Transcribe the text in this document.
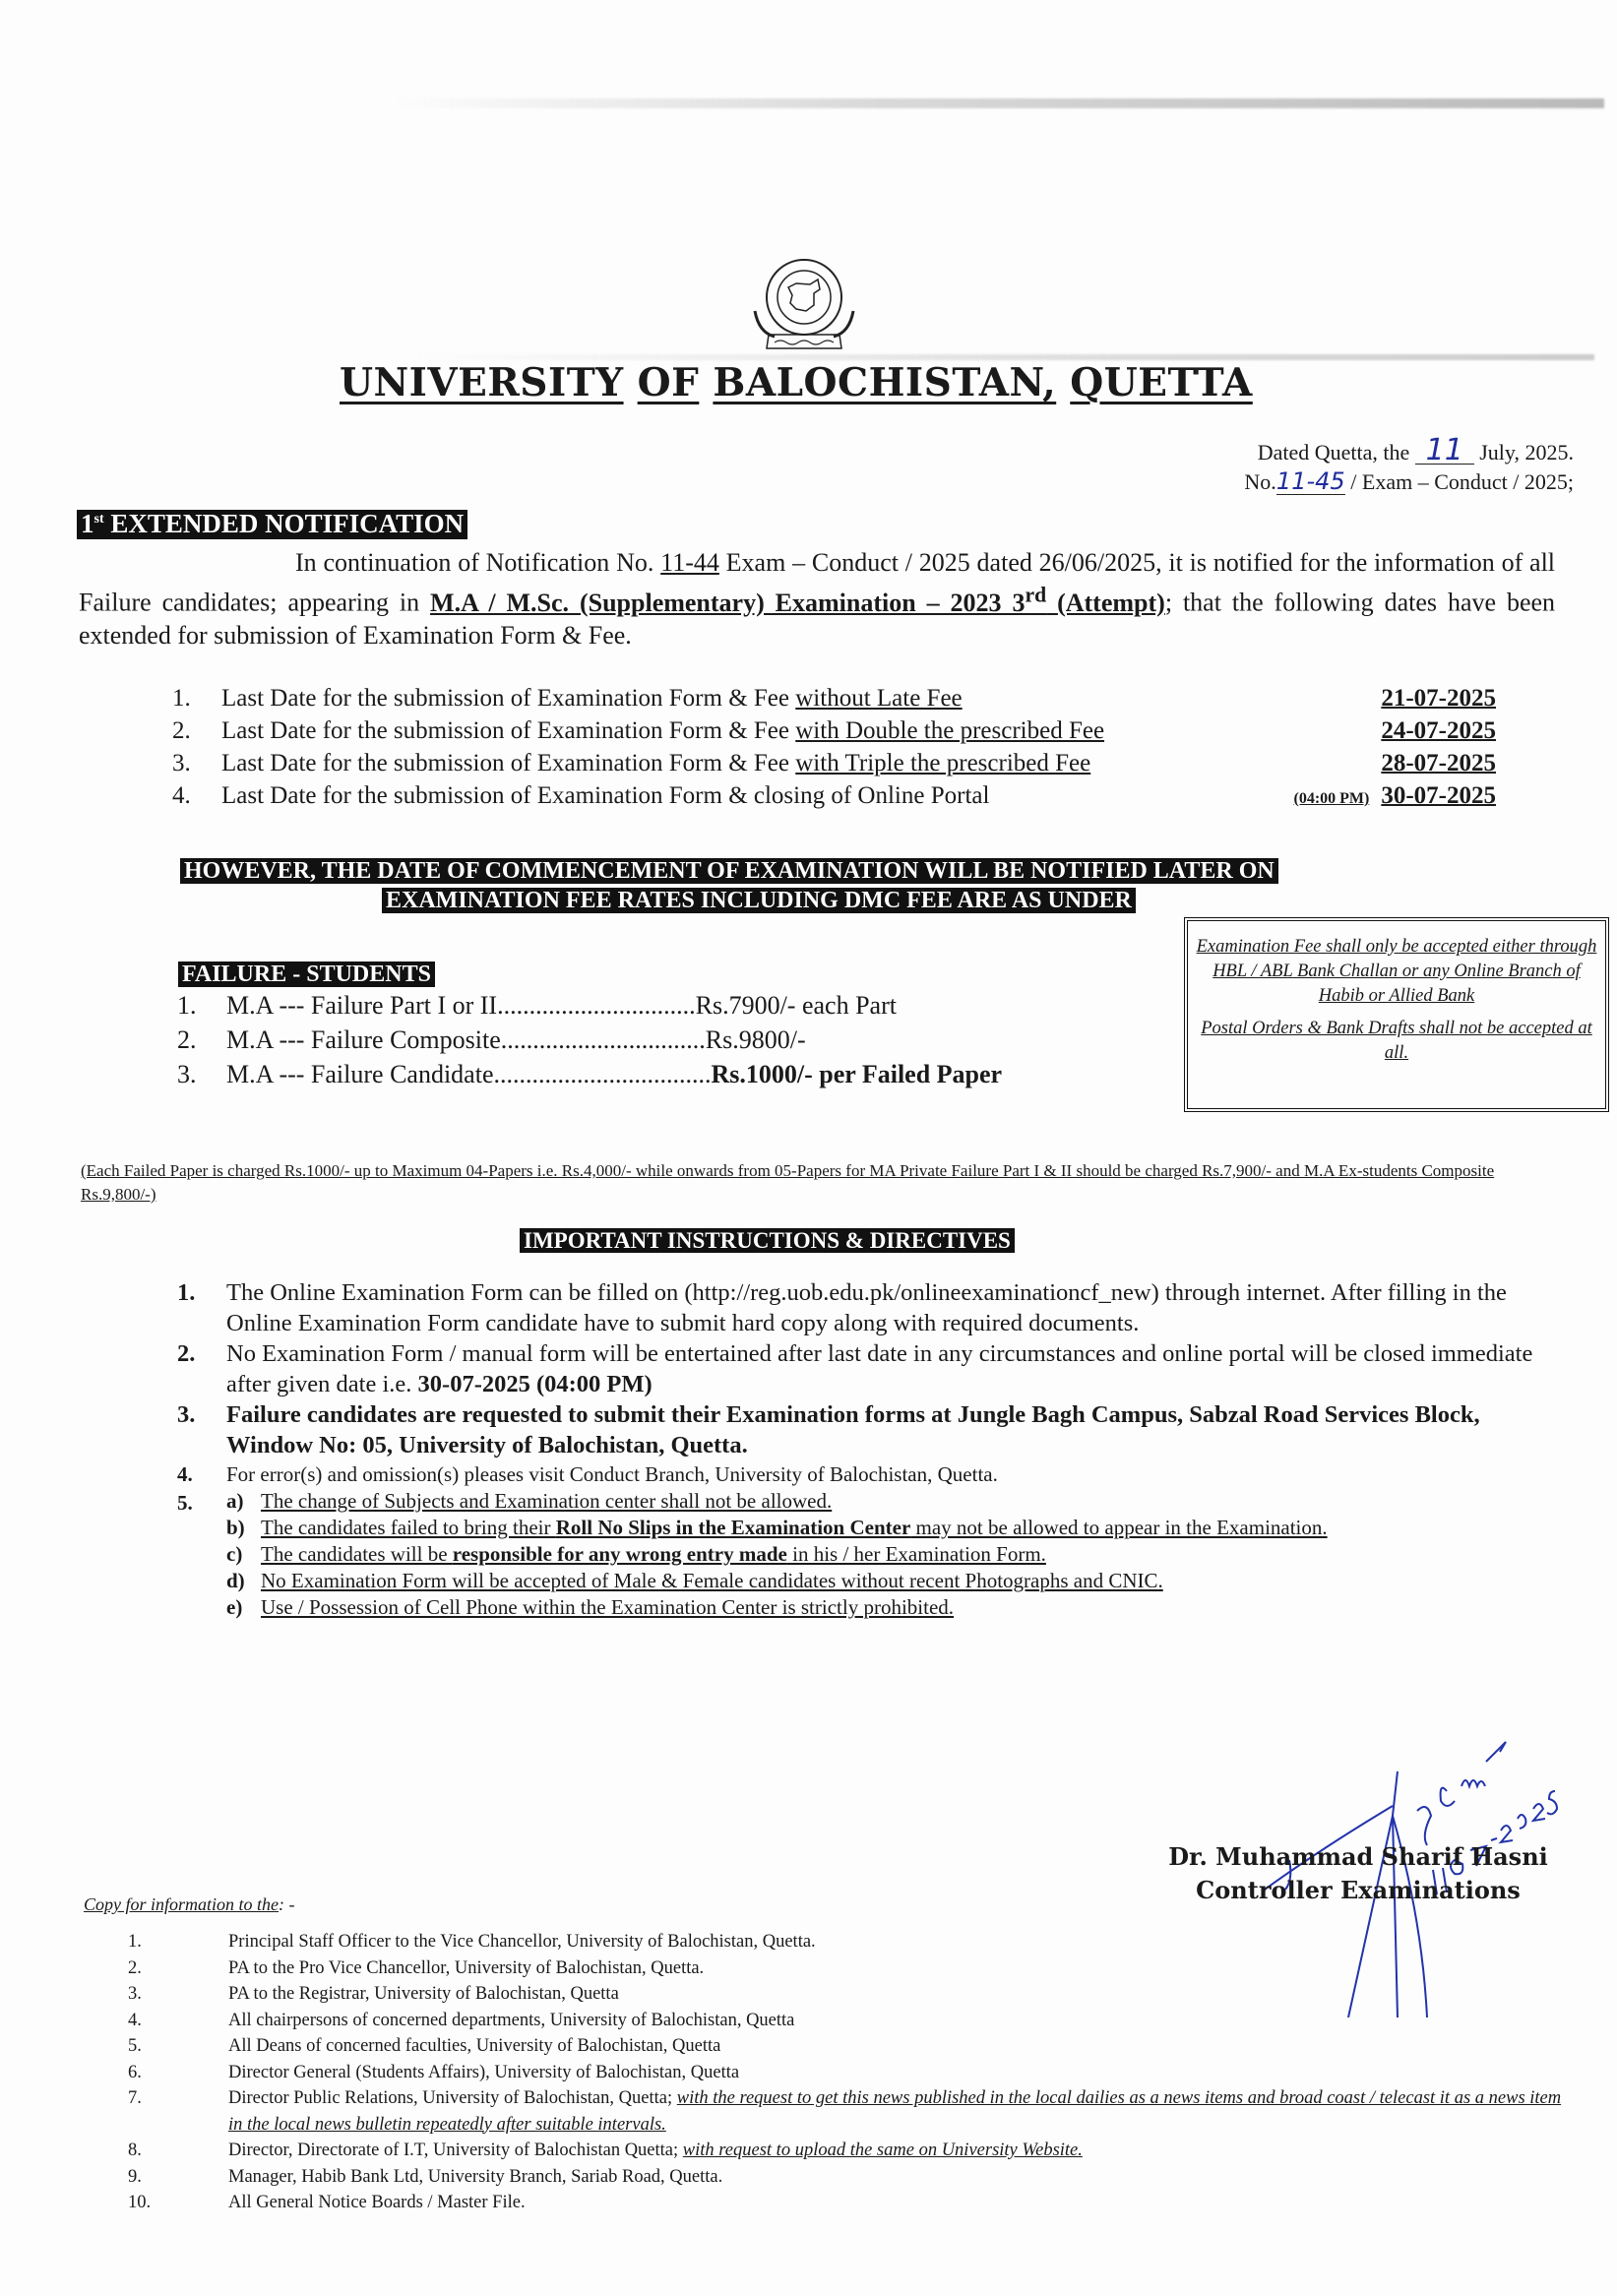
UNIVERSITY OF BALOCHISTAN, QUETTA
Dated Quetta, the 11 July, 2025.
No.11-45 / Exam – Conduct / 2025;
1st EXTENDED NOTIFICATION
In continuation of Notification No. 11-44 Exam – Conduct / 2025 dated 26/06/2025, it is notified for the information of all Failure candidates; appearing in M.A / M.Sc. (Supplementary) Examination – 2023 3rd (Attempt); that the following dates have been extended for submission of Examination Form & Fee.
1.	Last Date for the submission of Examination Form & Fee without Late Fee	21-07-2025
2.	Last Date for the submission of Examination Form & Fee with Double the prescribed Fee	24-07-2025
3.	Last Date for the submission of Examination Form & Fee with Triple the prescribed Fee	28-07-2025
4.	Last Date for the submission of Examination Form & closing of Online Portal	(04:00 PM) 30-07-2025
HOWEVER, THE DATE OF COMMENCEMENT OF EXAMINATION WILL BE NOTIFIED LATER ON
EXAMINATION FEE RATES INCLUDING DMC FEE ARE AS UNDER
FAILURE - STUDENTS
1.	M.A --- Failure Part I or II ............................... Rs.7900/- each Part
2.	M.A --- Failure Composite ................................ Rs.9800/-
3.	M.A --- Failure Candidate .................................. Rs.1000/- per Failed Paper

Examination Fee shall only be accepted either through HBL / ABL Bank Challan or any Online Branch of Habib or Allied Bank

Postal Orders & Bank Drafts shall not be accepted at all.

(Each Failed Paper is charged Rs.1000/- up to Maximum 04-Papers i.e. Rs.4,000/- while onwards from 05-Papers for MA Private Failure Part I & II should be charged Rs.7,900/- and M.A Ex-students Composite Rs.9,800/-)
IMPORTANT INSTRUCTIONS & DIRECTIVES
1.	The Online Examination Form can be filled on (http://reg.uob.edu.pk/onlineexaminationcf_new) through internet. After filling in the Online Examination Form candidate have to submit hard copy along with required documents.
2.	No Examination Form / manual form will be entertained after last date in any circumstances and online portal will be closed immediate after given date i.e. 30-07-2025 (04:00 PM)
3.	Failure candidates are requested to submit their Examination forms at Jungle Bagh Campus, Sabzal Road Services Block, Window No: 05, University of Balochistan, Quetta.
4.	For error(s) and omission(s) pleases visit Conduct Branch, University of Balochistan, Quetta.
5.	a) The change of Subjects and Examination center shall not be allowed.
b) The candidates failed to bring their Roll No Slips in the Examination Center may not be allowed to appear in the Examination.
c) The candidates will be responsible for any wrong entry made in his / her Examination Form.
d) No Examination Form will be accepted of Male & Female candidates without recent Photographs and CNIC.
e) Use / Possession of Cell Phone within the Examination Center is strictly prohibited.
Dr. Muhammad Sharif Hasni
Controller Examinations
Copy for information to the: -
1.	Principal Staff Officer to the Vice Chancellor, University of Balochistan, Quetta.
2.	PA to the Pro Vice Chancellor, University of Balochistan, Quetta.
3.	PA to the Registrar, University of Balochistan, Quetta
4.	All chairpersons of concerned departments, University of Balochistan, Quetta
5.	All Deans of concerned faculties, University of Balochistan, Quetta
6.	Director General (Students Affairs), University of Balochistan, Quetta
7.	Director Public Relations, University of Balochistan, Quetta; with the request to get this news published in the local dailies as a news items and broad coast / telecast it as a news item in the local news bulletin repeatedly after suitable intervals.
8.	Director, Directorate of I.T, University of Balochistan Quetta; with request to upload the same on University Website.
9.	Manager, Habib Bank Ltd, University Branch, Sariab Road, Quetta.
10.	All General Notice Boards / Master File.
